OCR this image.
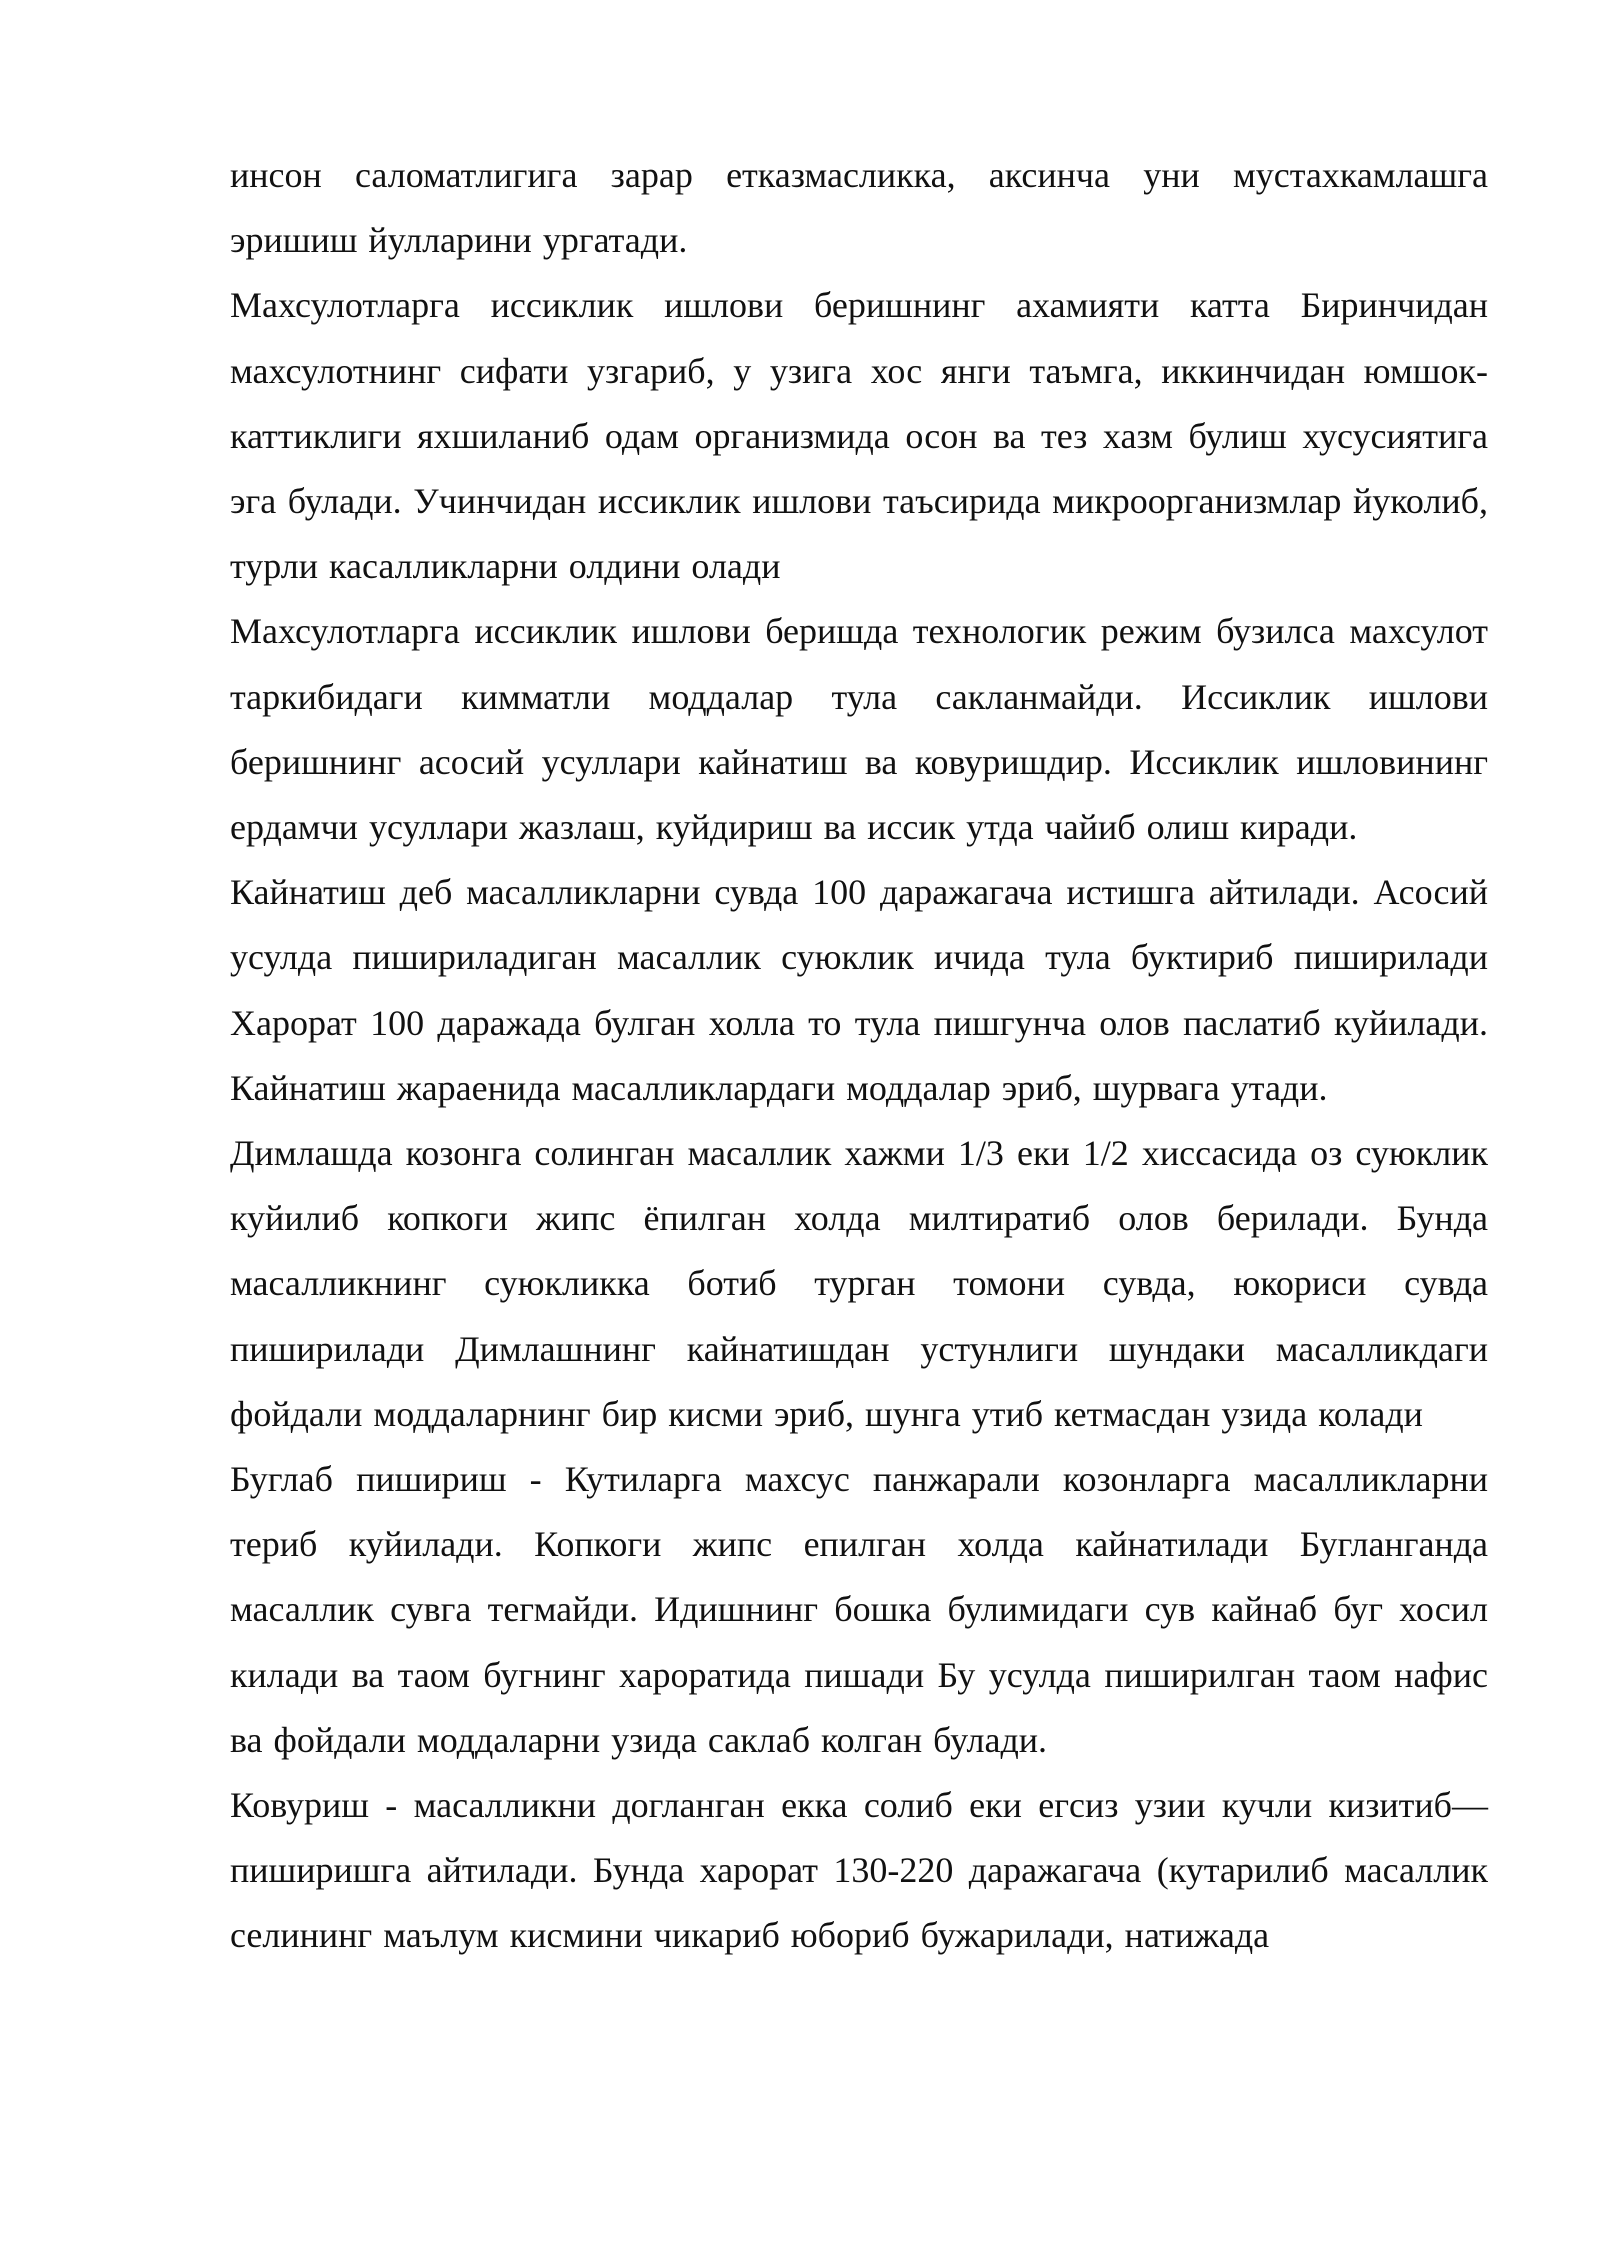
инсон саломатлигига зарар етказмасликка, аксинча уни мустахкамлашга эришиш йулларини ургатади.

Махсулотларга иссиклик ишлови беришнинг ахамияти катта Биринчидан махсулотнинг сифати узгариб, у узига хос янги таъмга, иккинчидан юмшок-каттиклиги яхшиланиб одам организмида осон ва тез хазм булиш хусусиятига эга булади. Учинчидан иссиклик ишлови таъсирида микроорганизмлар йуколиб, турли касалликларни олдини олади

Махсулотларга иссиклик ишлови беришда технологик режим бузилса махсулот таркибидаги кимматли моддалар тула сакланмайди. Иссиклик ишлови беришнинг асосий усуллари кайнатиш ва ковуришдир. Иссиклик ишловининг ердамчи усуллари жазлаш, куйдириш ва иссик утда чайиб олиш киради.

Кайнатиш деб масалликларни сувда 100 даражагача истишга айтилади. Асосий усулда пишириладиган масаллик суюклик ичида тула буктириб пиширилади Харорат 100 даражада булган холла то тула пишгунча олов паслатиб куйилади. Кайнатиш жараенида масалликлардаги моддалар эриб, шурвага утади.

Димлашда козонга солинган масаллик хажми 1/3 еки 1/2 хиссасида оз суюклик куйилиб копкоги жипс ёпилган холда милтиратиб олов берилади. Бунда масалликнинг суюкликка ботиб турган томони сувда, юкориси сувда пиширилади Димлашнинг кайнатишдан устунлиги шундаки масалликдаги фойдали моддаларнинг бир кисми эриб, шунга утиб кетмасдан узида колади

Буглаб пишириш - Кутиларга махсус панжарали козонларга масалликларни териб куйилади. Копкоги жипс епилган холда кайнатилади Бугланганда масаллик сувга тегмайди. Идишнинг бошка булимидаги сув кайнаб буг хосил килади ва таом бугнинг хароратида пишади Бу усулда пиширилган таом нафис ва фойдали моддаларни узида саклаб колган булади.

Ковуриш - масалликни догланган екка солиб еки егсиз узии кучли кизитиб— пиширишга айтилади. Бунда харорат 130-220 даражагача (кутарилиб масаллик селининг маълум кисмини чикариб юбориб бужарилади, натижада
